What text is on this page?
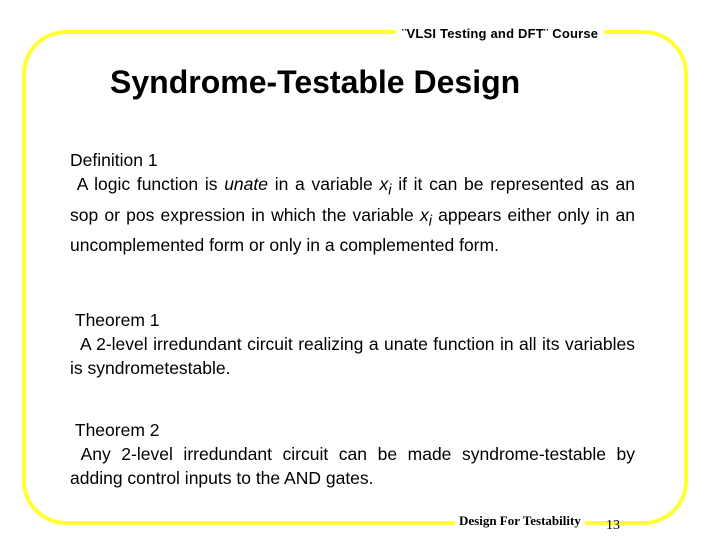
¨VLSI Testing and DFT¨ Course
Syndrome-Testable Design
Definition 1
A logic function is unate in a variable $x_i$ if it can be represented as an sop or pos expression in which the variable $x_i$ appears either only in an uncomplemented form or only in a complemented form.
Theorem 1
A 2-level irredundant circuit realizing a unate function in all its variables is syndrometestable.
Theorem 2
Any 2-level irredundant circuit can be made syndrome-testable by adding control inputs to the AND gates.
Design For Testability 13
